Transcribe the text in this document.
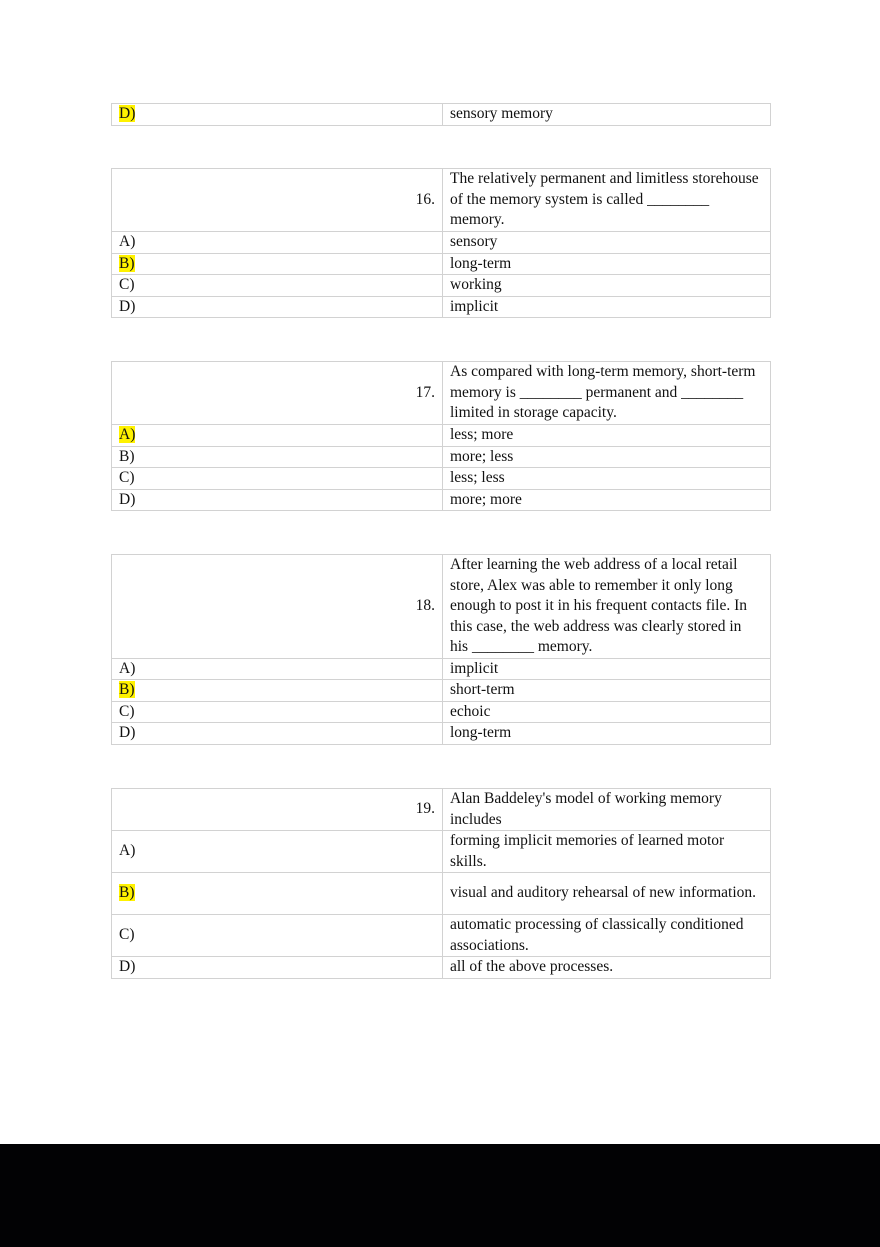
D)	sensory memory
16.	The relatively permanent and limitless storehouse of the memory system is called ________ memory.
A)	sensory
B)	long-term
C)	working
D)	implicit
17.	As compared with long-term memory, short-term memory is ________ permanent and ________ limited in storage capacity.
A)	less; more
B)	more; less
C)	less; less
D)	more; more
18.	After learning the web address of a local retail store, Alex was able to remember it only long enough to post it in his frequent contacts file. In this case, the web address was clearly stored in his ________ memory.
A)	implicit
B)	short-term
C)	echoic
D)	long-term
19.	Alan Baddeley's model of working memory includes
A)	forming implicit memories of learned motor skills.
B)	visual and auditory rehearsal of new information.
C)	automatic processing of classically conditioned associations.
D)	all of the above processes.
